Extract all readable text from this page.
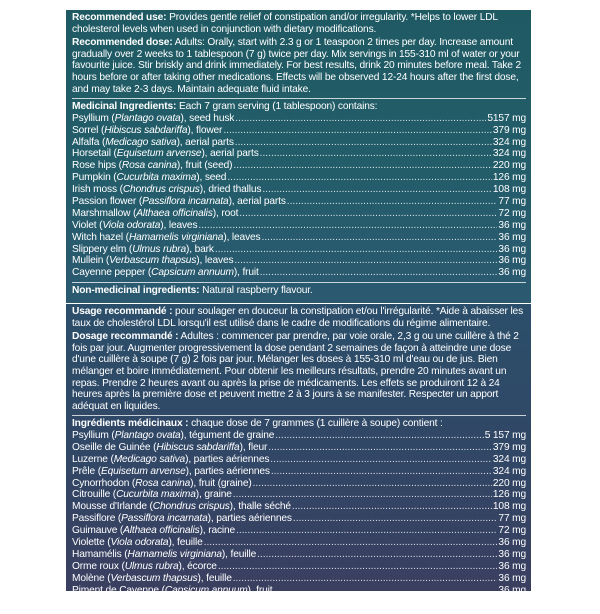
Recommended use: Provides gentle relief of constipation and/or irregularity. *Helps to lower LDL cholesterol levels when used in conjunction with dietary modifications.

Recommended dose: Adults: Orally, start with 2.3 g or 1 teaspoon 2 times per day. Increase amount gradually over 2 weeks to 1 tablespoon (7 g) twice per day. Mix servings in 155-310 ml of water or your favourite juice. Stir briskly and drink immediately. For best results, drink 20 minutes before meal. Take 2 hours before or after taking other medications. Effects will be observed 12-24 hours after the first dose, and may take 2-3 days. Maintain adequate fluid intake.

Medicinal Ingredients: Each 7 gram serving (1 tablespoon) contains:

Psyllium (Plantago ovata), seed husk .....	5157 mg
Sorrel (Hibiscus sabdariffa), flower .....	379 mg
Alfalfa (Medicago sativa), aerial parts .....	324 mg
Horsetail (Equisetum arvense), aerial parts .....	324 mg
Rose hips (Rosa canina), fruit (seed) .....	220 mg
Pumpkin (Cucurbita maxima), seed .....	126 mg
Irish moss (Chondrus crispus), dried thallus .....	108 mg
Passion flower (Passiflora incarnata), aerial parts .....	77 mg
Marshmallow (Althaea officinalis), root .....	72 mg
Violet (Viola odorata), leaves .....	36 mg
Witch hazel (Hamamelis virginiana), leaves .....	36 mg
Slippery elm (Ulmus rubra), bark .....	36 mg
Mullein (Verbascum thapsus), leaves .....	36 mg
Cayenne pepper (Capsicum annuum), fruit .....	36 mg

Non-medicinal ingredients: Natural raspberry flavour.

Usage recommandé : pour soulager en douceur la constipation et/ou l'irrégularité. *Aide à abaisser les taux de cholestérol LDL lorsqu'il est utilisé dans le cadre de modifications du régime alimentaire.

Dosage recommandé : Adultes : commencer par prendre, par voie orale, 2,3 g ou une cuillère à thé 2 fois par jour. Augmenter progressivement la dose pendant 2 semaines de façon à atteindre une dose d'une cuillère à soupe (7 g) 2 fois par jour. Mélanger les doses à 155-310 ml d'eau ou de jus. Bien mélanger et boire immédiatement. Pour obtenir les meilleurs résultats, prendre 20 minutes avant un repas. Prendre 2 heures avant ou après la prise de médicaments. Les effets se produiront 12 à 24 heures après la première dose et peuvent mettre 2 à 3 jours à se manifester. Respecter un apport adéquat en liquides.

Ingrédients médicinaux : chaque dose de 7 grammes (1 cuillère à soupe) contient :

Psyllium (Plantago ovata), tégument de graine .....	5 157 mg
Oseille de Guinée (Hibiscus sabdariffa), fleur .....	379 mg
Luzerne (Medicago sativa), parties aériennes .....	324 mg
Prêle (Equisetum arvense), parties aériennes .....	324 mg
Cynorrhodon (Rosa canina), fruit (graine) .....	220 mg
Citrouille (Cucurbita maxima), graine .....	126 mg
Mousse d'Irlande (Chondrus crispus), thalle séché .....	108 mg
Passiflore (Passiflora incarnata), parties aériennes .....	77 mg
Guimauve (Althaea officinalis), racine .....	72 mg
Violette (Viola odorata), feuille .....	36 mg
Hamamélis (Hamamelis virginiana), feuille .....	36 mg
Orme roux (Ulmus rubra), écorce .....	36 mg
Molène (Verbascum thapsus), feuille .....	36 mg
Piment de Cayenne (Capsicum annuum), fruit .....	36 mg

Ingrédients non médicinaux : arôme naturel de framboise.
